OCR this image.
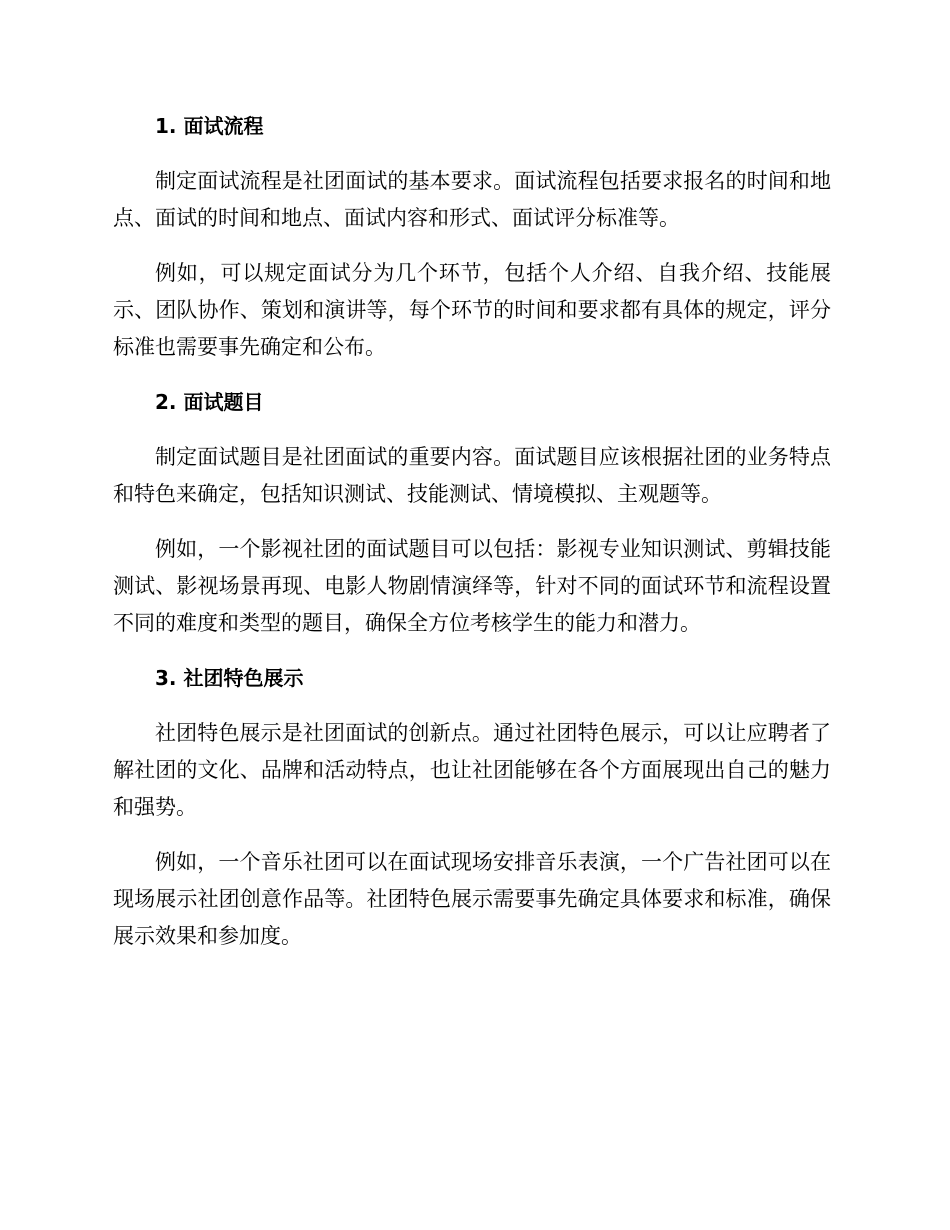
1. 面试流程

制定面试流程是社团面试的基本要求。面试流程包括要求报名的时间和地点、面试的时间和地点、面试内容和形式、面试评分标准等。

例如，可以规定面试分为几个环节，包括个人介绍、自我介绍、技能展示、团队协作、策划和演讲等，每个环节的时间和要求都有具体的规定，评分标准也需要事先确定和公布。

2. 面试题目

制定面试题目是社团面试的重要内容。面试题目应该根据社团的业务特点和特色来确定，包括知识测试、技能测试、情境模拟、主观题等。

例如，一个影视社团的面试题目可以包括：影视专业知识测试、剪辑技能测试、影视场景再现、电影人物剧情演绎等，针对不同的面试环节和流程设置不同的难度和类型的题目，确保全方位考核学生的能力和潜力。

3. 社团特色展示

社团特色展示是社团面试的创新点。通过社团特色展示，可以让应聘者了解社团的文化、品牌和活动特点，也让社团能够在各个方面展现出自己的魅力和强势。

例如，一个音乐社团可以在面试现场安排音乐表演，一个广告社团可以在现场展示社团创意作品等。社团特色展示需要事先确定具体要求和标准，确保展示效果和参加度。
